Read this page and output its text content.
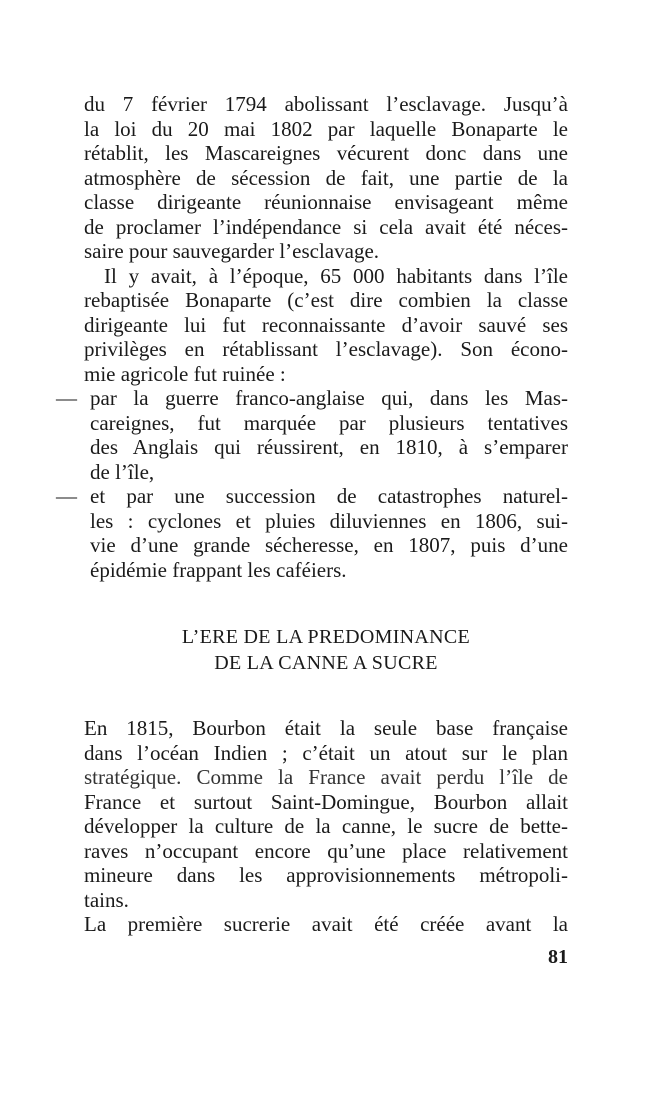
du 7 février 1794 abolissant l’esclavage. Jusqu’à
la loi du 20 mai 1802 par laquelle Bonaparte le
rétablit, les Mascareignes vécurent donc dans une
atmosphère de sécession de fait, une partie de la
classe dirigeante réunionnaise envisageant même
de proclamer l’indépendance si cela avait été néces-
saire pour sauvegarder l’esclavage.
Il y avait, à l’époque, 65 000 habitants dans l’île
rebaptisée Bonaparte (c’est dire combien la classe
dirigeante lui fut reconnaissante d’avoir sauvé ses
privilèges en rétablissant l’esclavage). Son écono-
mie agricole fut ruinée :
— par la guerre franco-anglaise qui, dans les Mas-
careignes, fut marquée par plusieurs tentatives
des Anglais qui réussirent, en 1810, à s’emparer
de l’île,
— et par une succession de catastrophes naturel-
les : cyclones et pluies diluviennes en 1806, sui-
vie d’une grande sécheresse, en 1807, puis d’une
épidémie frappant les caféiers.
L’ERE DE LA PREDOMINANCE
DE LA CANNE A SUCRE
En 1815, Bourbon était la seule base française
dans l’océan Indien ; c’était un atout sur le plan
stratégique. Comme la France avait perdu l’île de
France et surtout Saint-Domingue, Bourbon allait
développer la culture de la canne, le sucre de bette-
raves n’occupant encore qu’une place relativement
mineure dans les approvisionnements métropoli-
tains.
La première sucrerie avait été créée avant la
81
